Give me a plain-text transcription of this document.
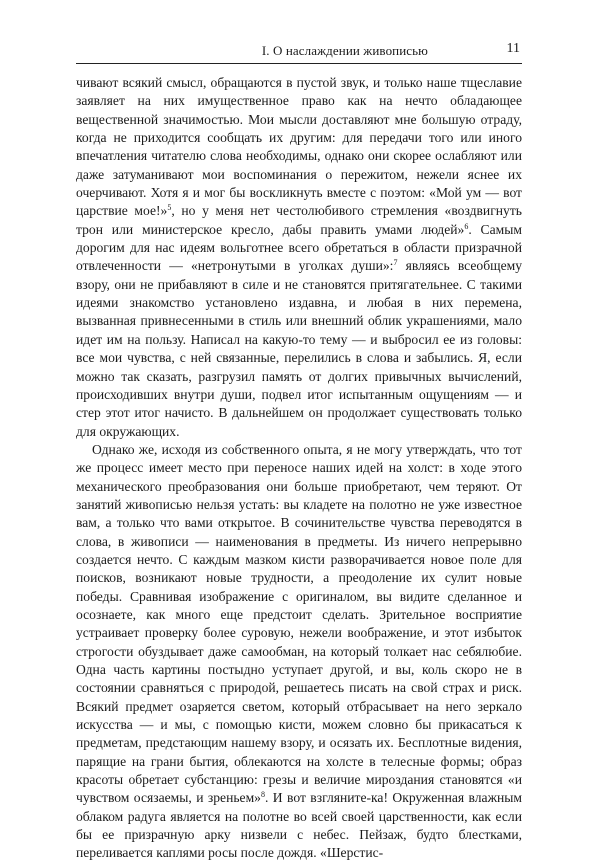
I. О наслаждении живописью	11

чивают всякий смысл, обращаются в пустой звук, и только наше тщеславие заявляет на них имущественное право как на нечто обладающее вещественной значимостью. Мои мысли доставляют мне большую отраду, когда не приходится сообщать их другим: для передачи того или иного впечатления читателю слова необходимы, однако они скорее ослабляют или даже затуманивают мои воспоминания о пережитом, нежели яснее их очерчивают. Хотя я и мог бы воскликнуть вместе с поэтом: «Мой ум — вот царствие мое!»$^5$, но у меня нет честолюбивого стремления «воздвигнуть трон или министерское кресло, дабы править умами людей»$^6$. Самым дорогим для нас идеям вольготнее всего обретаться в области призрачной отвлеченности — «нетронутыми в уголках души»:$^7$ являясь всеобщему взору, они не прибавляют в силе и не становятся притягательнее. С такими идеями знакомство установлено издавна, и любая в них перемена, вызванная привнесенными в стиль или внешний облик украшениями, мало идет им на пользу. Написал на какую-то тему — и выбросил ее из головы: все мои чувства, с ней связанные, перелились в слова и забылись. Я, если можно так сказать, разгрузил память от долгих привычных вычислений, происходивших внутри души, подвел итог испытанным ощущениям — и стер этот итог начисто. В дальнейшем он продолжает существовать только для окружающих.

Однако же, исходя из собственного опыта, я не могу утверждать, что тот же процесс имеет место при переносе наших идей на холст: в ходе этого механического преобразования они больше приобретают, чем теряют. От занятий живописью нельзя устать: вы кладете на полотно не уже известное вам, а только что вами открытое. В сочинительстве чувства переводятся в слова, в живописи — наименования в предметы. Из ничего непрерывно создается нечто. С каждым мазком кисти разворачивается новое поле для поисков, возникают новые трудности, а преодоление их сулит новые победы. Сравнивая изображение с оригиналом, вы видите сделанное и осознаете, как много еще предстоит сделать. Зрительное восприятие устраивает проверку более суровую, нежели воображение, и этот избыток строгости обуздывает даже самообман, на который толкает нас себялюбие. Одна часть картины постыдно уступает другой, и вы, коль скоро не в состоянии сравняться с природой, решаетесь писать на свой страх и риск. Всякий предмет озаряется светом, который отбрасывает на него зеркало искусства — и мы, с помощью кисти, можем словно бы прикасаться к предметам, предстающим нашему взору, и осязать их. Бесплотные видения, парящие на грани бытия, облекаются на холсте в телесные формы; образ красоты обретает субстанцию: грезы и величие мироздания становятся «и чувством осязаемы, и зреньем»$^8$. И вот взгляните-ка! Окруженная влажным облаком радуга является на полотне во всей своей царственности, как если бы ее призрачную арку низвели с небес. Пейзаж, будто блестками, переливается каплями росы после дождя. «Шерстис-
